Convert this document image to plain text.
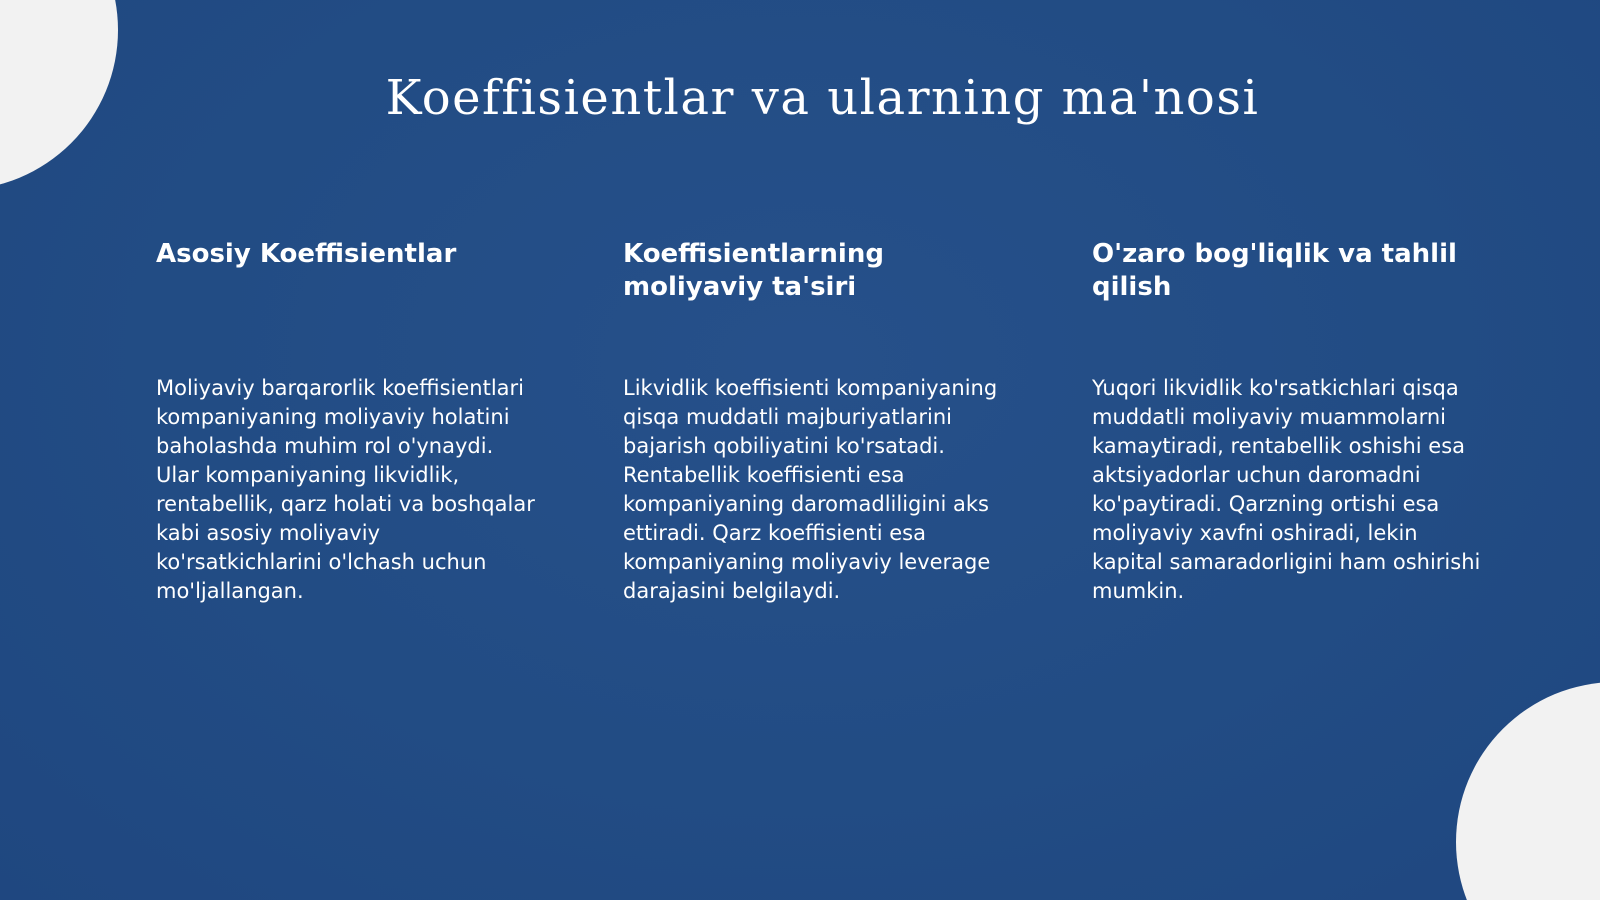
Koeffisientlar va ularning ma'nosi
Asosiy Koeffisientlar

Moliyaviy barqarorlik koeffisientlari kompaniyaning moliyaviy holatini baholashda muhim rol o'ynaydi. Ular kompaniyaning likvidlik, rentabellik, qarz holati va boshqalar kabi asosiy moliyaviy ko'rsatkichlarini o'lchash uchun mo'ljallangan.

Koeffisientlarning moliyaviy ta'siri

Likvidlik koeffisienti kompaniyaning qisqa muddatli majburiyatlarini bajarish qobiliyatini ko'rsatadi. Rentabellik koeffisienti esa kompaniyaning daromadliligini aks ettiradi. Qarz koeffisienti esa kompaniyaning moliyaviy leverage darajasini belgilaydi.

O'zaro bog'liqlik va tahlil qilish

Yuqori likvidlik ko'rsatkichlari qisqa muddatli moliyaviy muammolarni kamaytiradi, rentabellik oshishi esa aktsiyadorlar uchun daromadni ko'paytiradi. Qarzning ortishi esa moliyaviy xavfni oshiradi, lekin kapital samaradorligini ham oshirishi mumkin.
